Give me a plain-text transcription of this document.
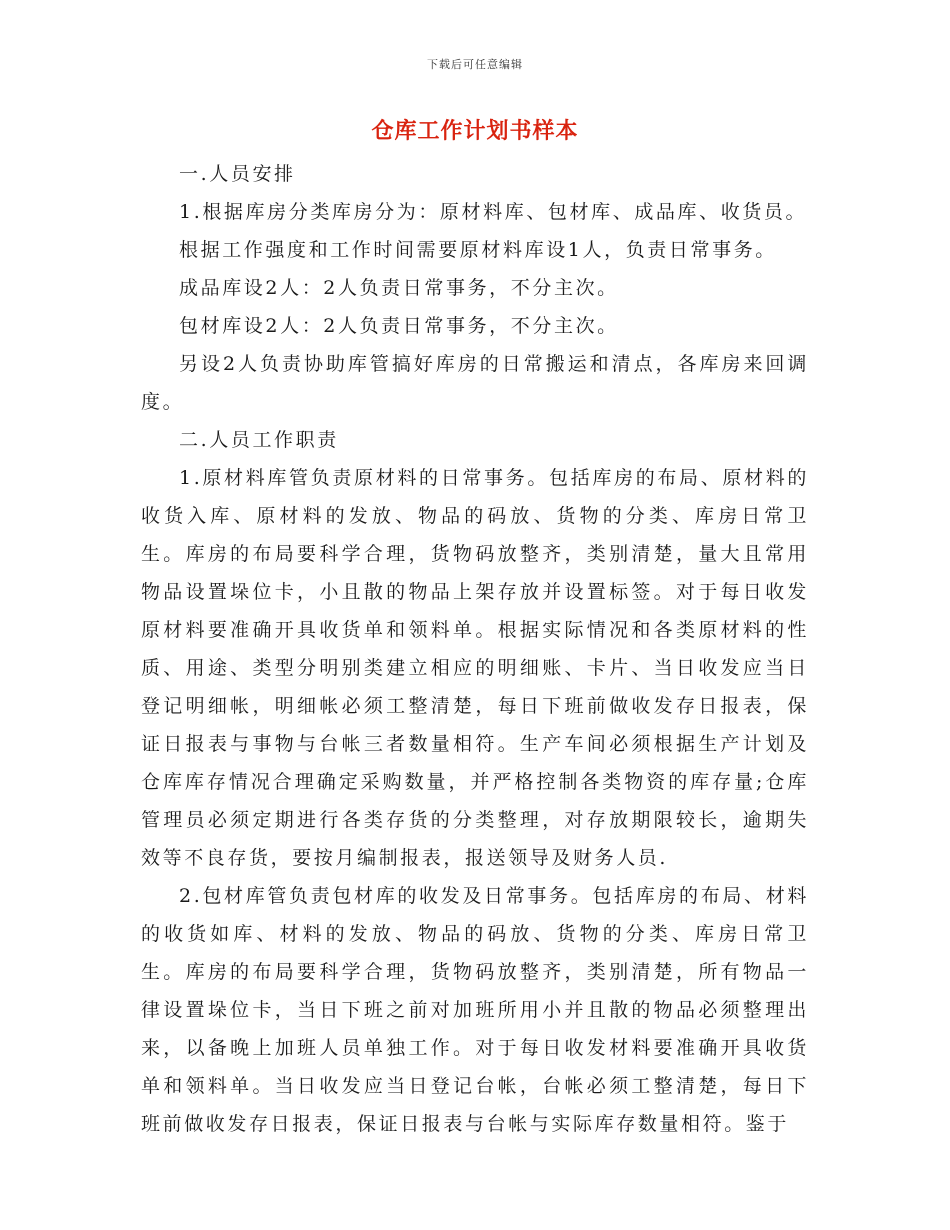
下载后可任意编辑
仓库工作计划书样本

一.人员安排

1.根据库房分类库房分为：原材料库、包材库、成品库、收货员。

根据工作强度和工作时间需要原材料库设1人，负责日常事务。

成品库设2人：2人负责日常事务，不分主次。

包材库设2人：2人负责日常事务，不分主次。

另设2人负责协助库管搞好库房的日常搬运和清点，各库房来回调度。

二.人员工作职责

1.原材料库管负责原材料的日常事务。包括库房的布局、原材料的收货入库、原材料的发放、物品的码放、货物的分类、库房日常卫生。库房的布局要科学合理，货物码放整齐，类别清楚，量大且常用物品设置垛位卡，小且散的物品上架存放并设置标签。对于每日收发原材料要准确开具收货单和领料单。根据实际情况和各类原材料的性质、用途、类型分明别类建立相应的明细账、卡片、当日收发应当日登记明细帐，明细帐必须工整清楚，每日下班前做收发存日报表，保证日报表与事物与台帐三者数量相符。生产车间必须根据生产计划及仓库库存情况合理确定采购数量，并严格控制各类物资的库存量;仓库管理员必须定期进行各类存货的分类整理，对存放期限较长，逾期失效等不良存货，要按月编制报表，报送领导及财务人员.

2.包材库管负责包材库的收发及日常事务。包括库房的布局、材料的收货如库、材料的发放、物品的码放、货物的分类、库房日常卫生。库房的布局要科学合理，货物码放整齐，类别清楚，所有物品一律设置垛位卡，当日下班之前对加班所用小并且散的物品必须整理出来，以备晚上加班人员单独工作。对于每日收发材料要准确开具收货单和领料单。当日收发应当日登记台帐，台帐必须工整清楚，每日下班前做收发存日报表，保证日报表与台帐与实际库存数量相符。鉴于
